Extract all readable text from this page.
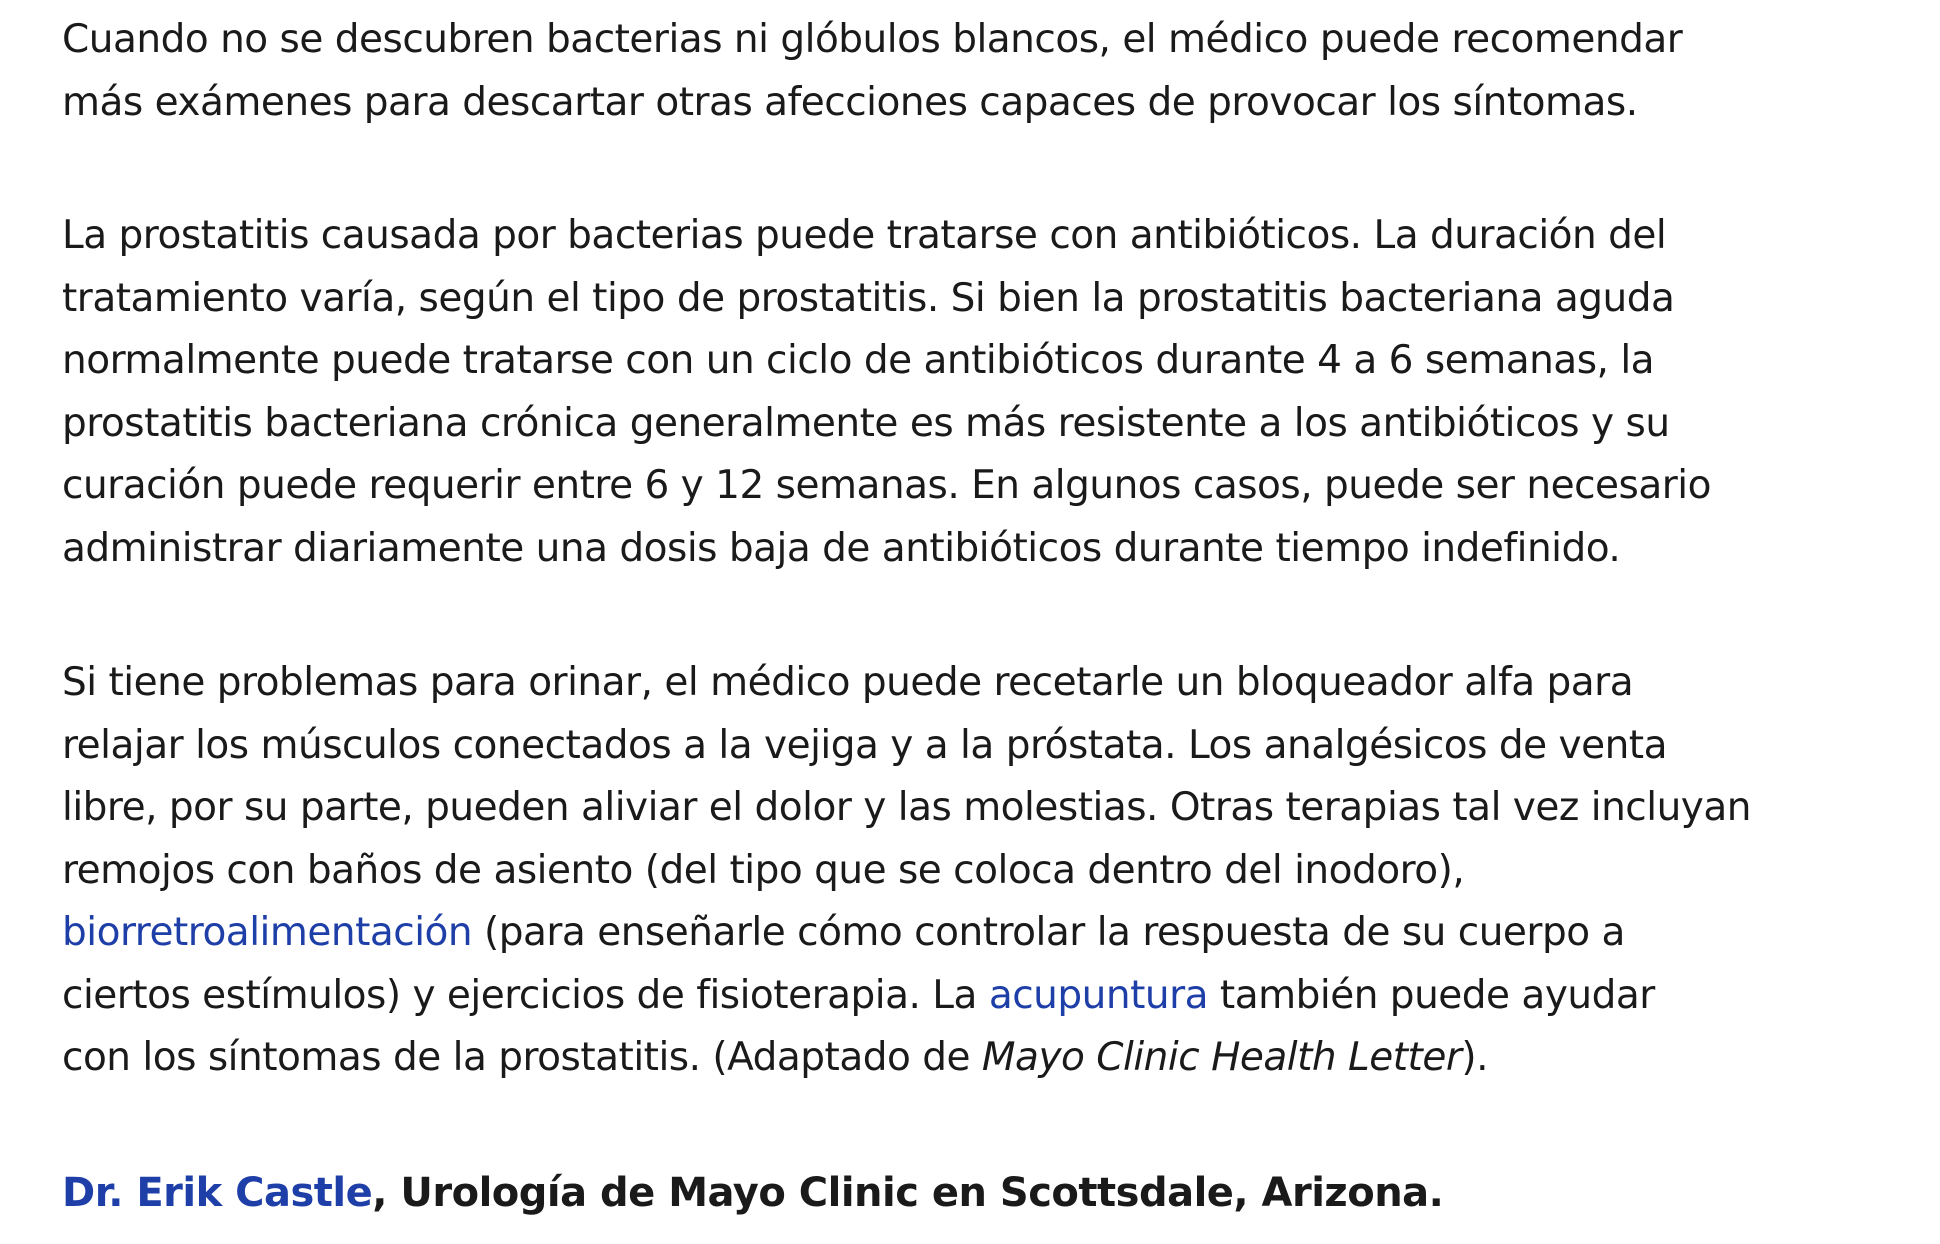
Cuando no se descubren bacterias ni glóbulos blancos, el médico puede recomendar
más exámenes para descartar otras afecciones capaces de provocar los síntomas.

La prostatitis causada por bacterias puede tratarse con antibióticos. La duración del
tratamiento varía, según el tipo de prostatitis. Si bien la prostatitis bacteriana aguda
normalmente puede tratarse con un ciclo de antibióticos durante 4 a 6 semanas, la
prostatitis bacteriana crónica generalmente es más resistente a los antibióticos y su
curación puede requerir entre 6 y 12 semanas. En algunos casos, puede ser necesario
administrar diariamente una dosis baja de antibióticos durante tiempo indefinido.

Si tiene problemas para orinar, el médico puede recetarle un bloqueador alfa para
relajar los músculos conectados a la vejiga y a la próstata. Los analgésicos de venta
libre, por su parte, pueden aliviar el dolor y las molestias. Otras terapias tal vez incluyan
remojos con baños de asiento (del tipo que se coloca dentro del inodoro),
biorretroalimentación (para enseñarle cómo controlar la respuesta de su cuerpo a
ciertos estímulos) y ejercicios de fisioterapia. La acupuntura también puede ayudar
con los síntomas de la prostatitis. (Adaptado de Mayo Clinic Health Letter).

Dr. Erik Castle, Urología de Mayo Clinic en Scottsdale, Arizona.
